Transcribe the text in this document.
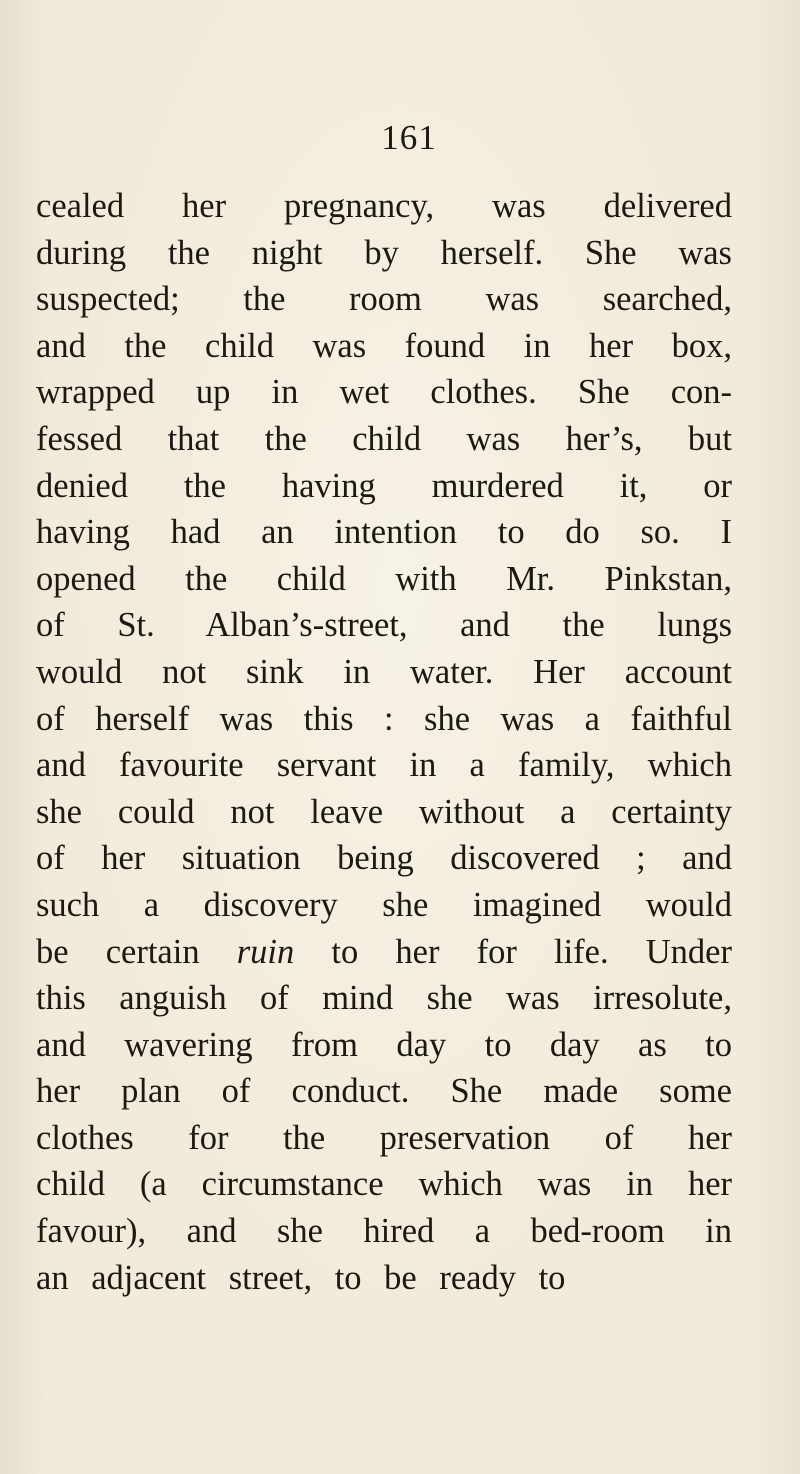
161
cealed her pregnancy, was delivered
during the night by herself. She was
suspected; the room was searched,
and the child was found in her box,
wrapped up in wet clothes. She con-
fessed that the child was her’s, but
denied the having murdered it, or
having had an intention to do so. I
opened the child with Mr. Pinkstan,
of St. Alban’s-street, and the lungs
would not sink in water. Her account
of herself was this : she was a faithful
and favourite servant in a family, which
she could not leave without a certainty
of her situation being discovered ; and
such a discovery she imagined would
be certain ruin to her for life. Under
this anguish of mind she was irresolute,
and wavering from day to day as to
her plan of conduct. She made some
clothes for the preservation of her
child (a circumstance which was in her
favour), and she hired a bed-room in
an adjacent street, to be ready to
